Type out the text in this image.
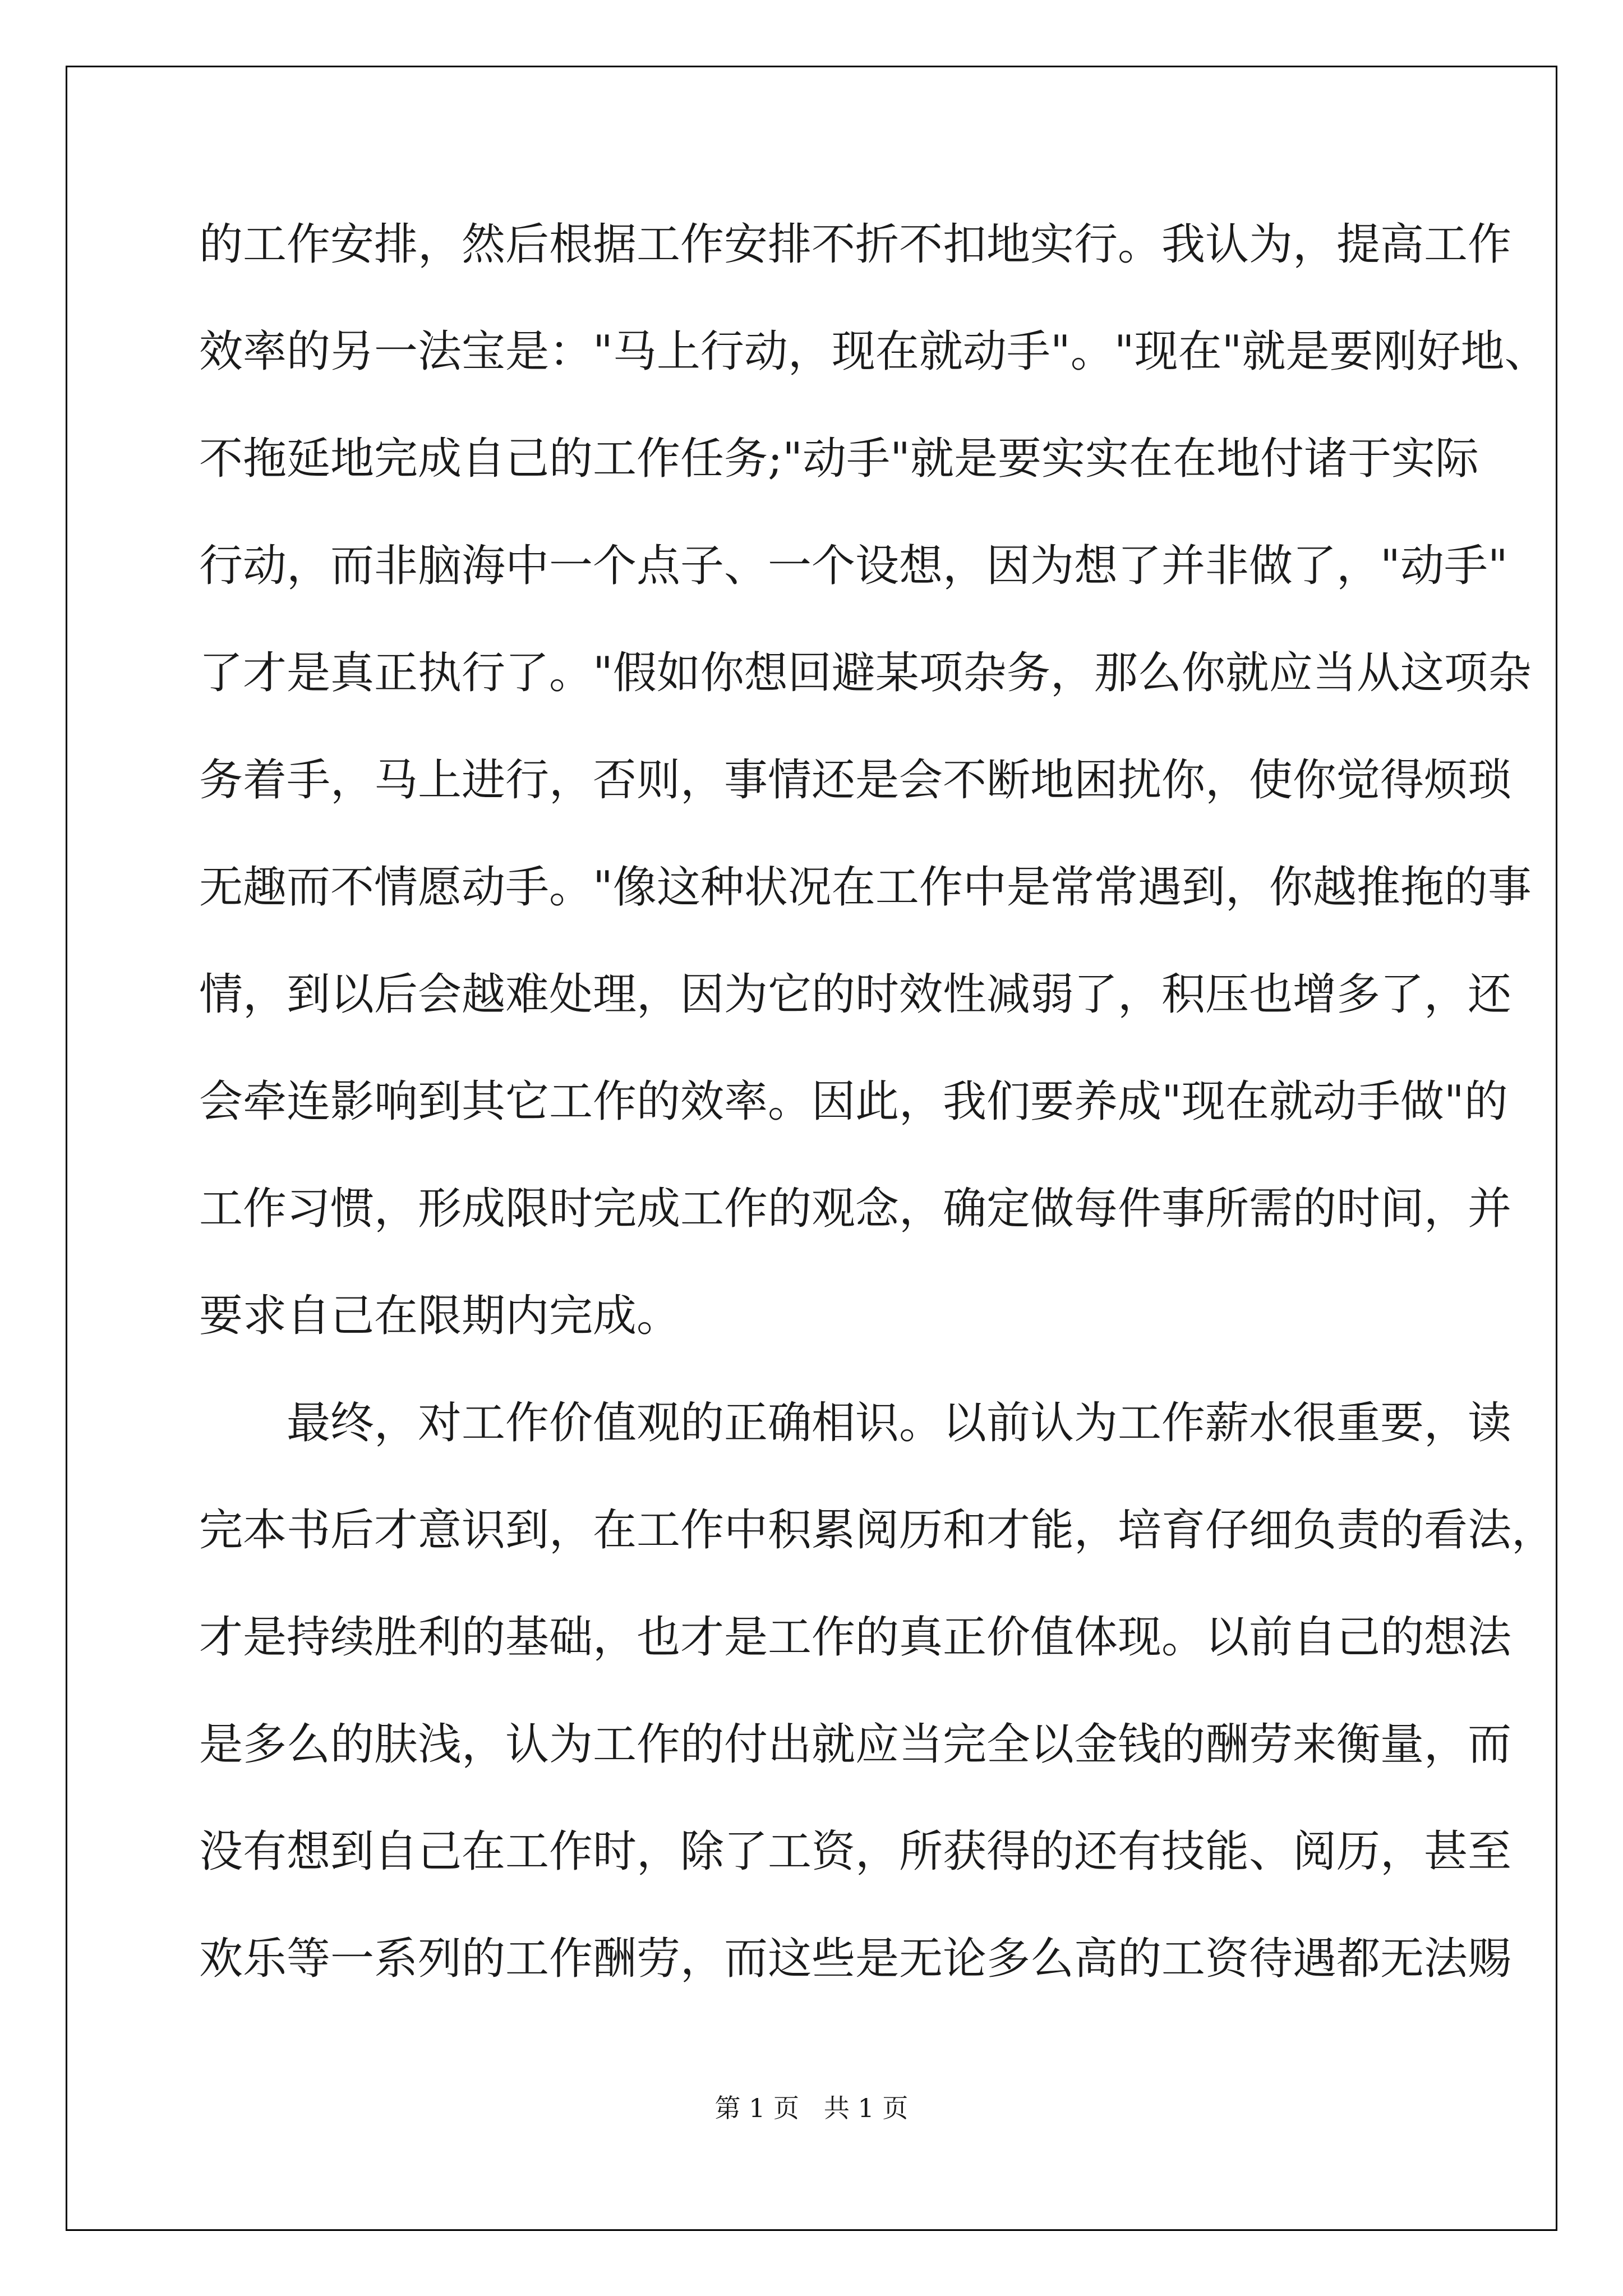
的工作安排，然后根据工作安排不折不扣地实行。我认为，提高工作
效率的另一法宝是："马上行动，现在就动手"。"现在"就是要刚好地、
不拖延地完成自己的工作任务;"动手"就是要实实在在地付诸于实际
行动，而非脑海中一个点子、一个设想，因为想了并非做了，"动手"
了才是真正执行了。"假如你想回避某项杂务，那么你就应当从这项杂
务着手，马上进行，否则，事情还是会不断地困扰你，使你觉得烦琐
无趣而不情愿动手。"像这种状况在工作中是常常遇到，你越推拖的事
情，到以后会越难处理，因为它的时效性减弱了，积压也增多了，还
会牵连影响到其它工作的效率。因此，我们要养成"现在就动手做"的
工作习惯，形成限时完成工作的观念，确定做每件事所需的时间，并
要求自己在限期内完成。
最终，对工作价值观的正确相识。以前认为工作薪水很重要，读
完本书后才意识到，在工作中积累阅历和才能，培育仔细负责的看法，
才是持续胜利的基础，也才是工作的真正价值体现。以前自己的想法
是多么的肤浅，认为工作的付出就应当完全以金钱的酬劳来衡量，而
没有想到自己在工作时，除了工资，所获得的还有技能、阅历，甚至
欢乐等一系列的工作酬劳，而这些是无论多么高的工资待遇都无法赐
第 1 页   共 1 页
